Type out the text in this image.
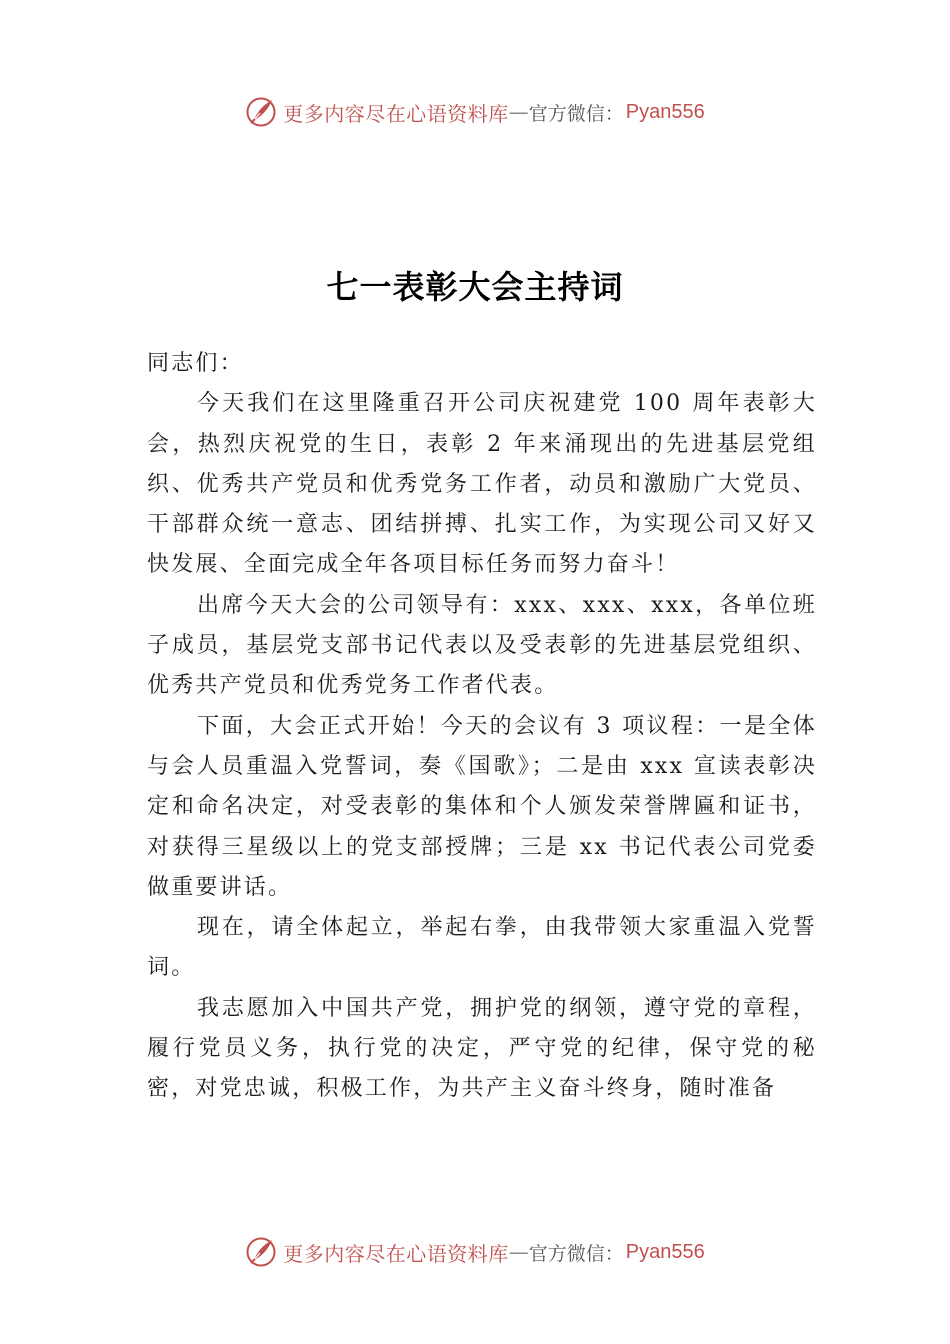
更多内容尽在心语资料库 — 官方微信： Pyan556
七一表彰大会主持词

同志们：

今天我们在这里隆重召开公司庆祝建党 100 周年表彰大会，热烈庆祝党的生日，表彰 2 年来涌现出的先进基层党组织、优秀共产党员和优秀党务工作者，动员和激励广大党员、干部群众统一意志、团结拼搏、扎实工作，为实现公司又好又快发展、全面完成全年各项目标任务而努力奋斗！

出席今天大会的公司领导有：xxx、xxx、xxx，各单位班子成员，基层党支部书记代表以及受表彰的先进基层党组织、优秀共产党员和优秀党务工作者代表。

下面，大会正式开始！今天的会议有 3 项议程：一是全体与会人员重温入党誓词，奏《国歌》；二是由 xxx 宣读表彰决定和命名决定，对受表彰的集体和个人颁发荣誉牌匾和证书，对获得三星级以上的党支部授牌；三是 xx 书记代表公司党委做重要讲话。

现在，请全体起立，举起右拳，由我带领大家重温入党誓词。

我志愿加入中国共产党，拥护党的纲领，遵守党的章程，履行党员义务，执行党的决定，严守党的纪律，保守党的秘密，对党忠诚，积极工作，为共产主义奋斗终身，随时准备

更多内容尽在心语资料库 — 官方微信： Pyan556
